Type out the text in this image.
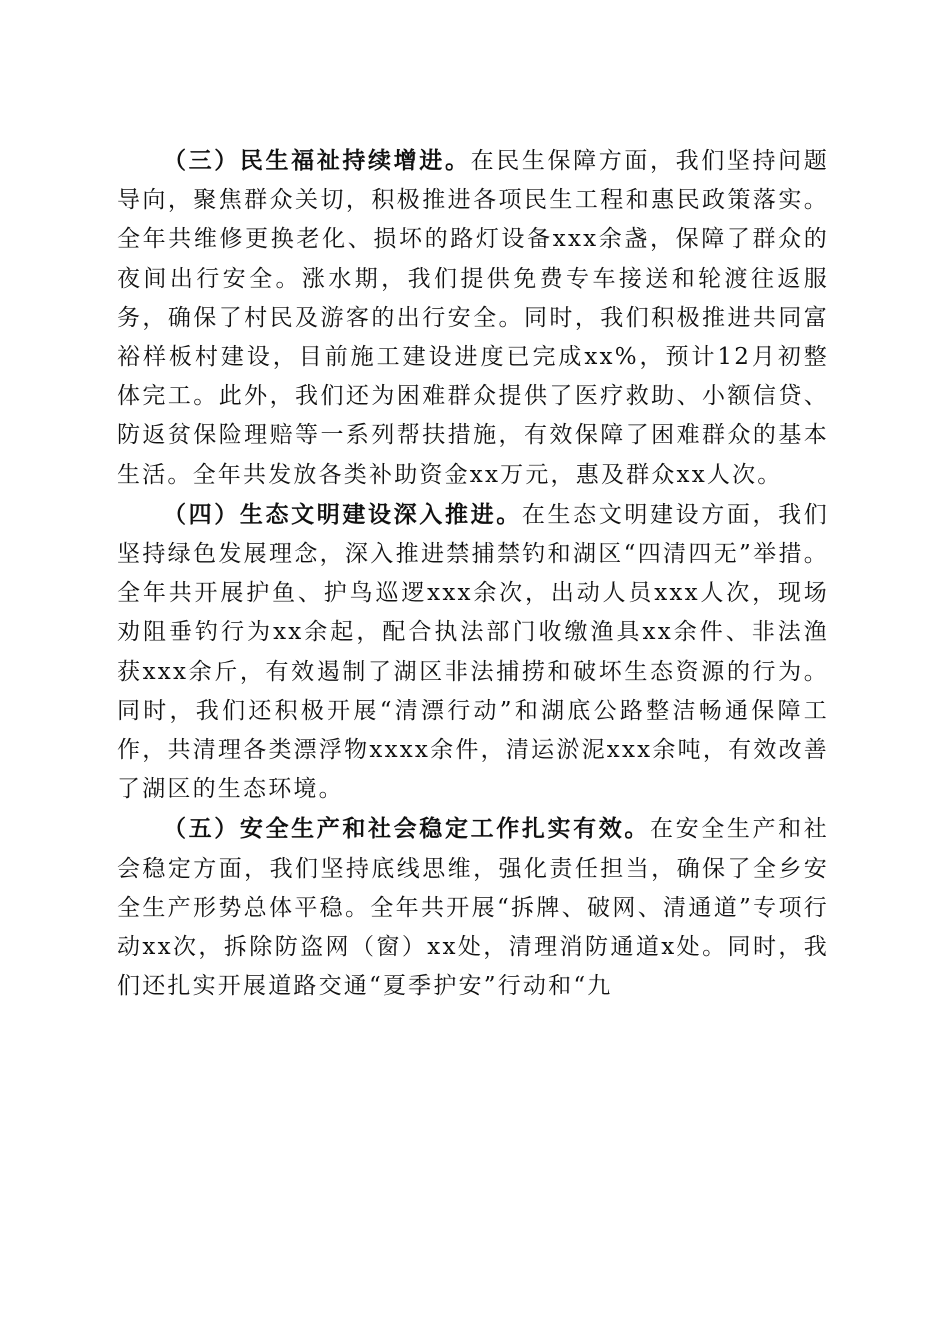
（三）民生福祉持续增进。在民生保障方面，我们坚持问题导向，聚焦群众关切，积极推进各项民生工程和惠民政策落实。全年共维修更换老化、损坏的路灯设备xxx余盏，保障了群众的夜间出行安全。涨水期，我们提供免费专车接送和轮渡往返服务，确保了村民及游客的出行安全。同时，我们积极推进共同富裕样板村建设，目前施工建设进度已完成xx%，预计12月初整体完工。此外，我们还为困难群众提供了医疗救助、小额信贷、防返贫保险理赔等一系列帮扶措施，有效保障了困难群众的基本生活。全年共发放各类补助资金xx万元，惠及群众xx人次。

（四）生态文明建设深入推进。在生态文明建设方面，我们坚持绿色发展理念，深入推进禁捕禁钓和湖区“四清四无”举措。全年共开展护鱼、护鸟巡逻xxx余次，出动人员xxx人次，现场劝阻垂钓行为xx余起，配合执法部门收缴渔具xx余件、非法渔获xxx余斤，有效遏制了湖区非法捕捞和破坏生态资源的行为。同时，我们还积极开展“清漂行动”和湖底公路整洁畅通保障工作，共清理各类漂浮物xxxx余件，清运淤泥xxx余吨，有效改善了湖区的生态环境。

（五）安全生产和社会稳定工作扎实有效。在安全生产和社会稳定方面，我们坚持底线思维，强化责任担当，确保了全乡安全生产形势总体平稳。全年共开展“拆牌、破网、清通道”专项行动xx次，拆除防盗网（窗）xx处，清理消防通道x处。同时，我们还扎实开展道路交通“夏季护安”行动和“九
